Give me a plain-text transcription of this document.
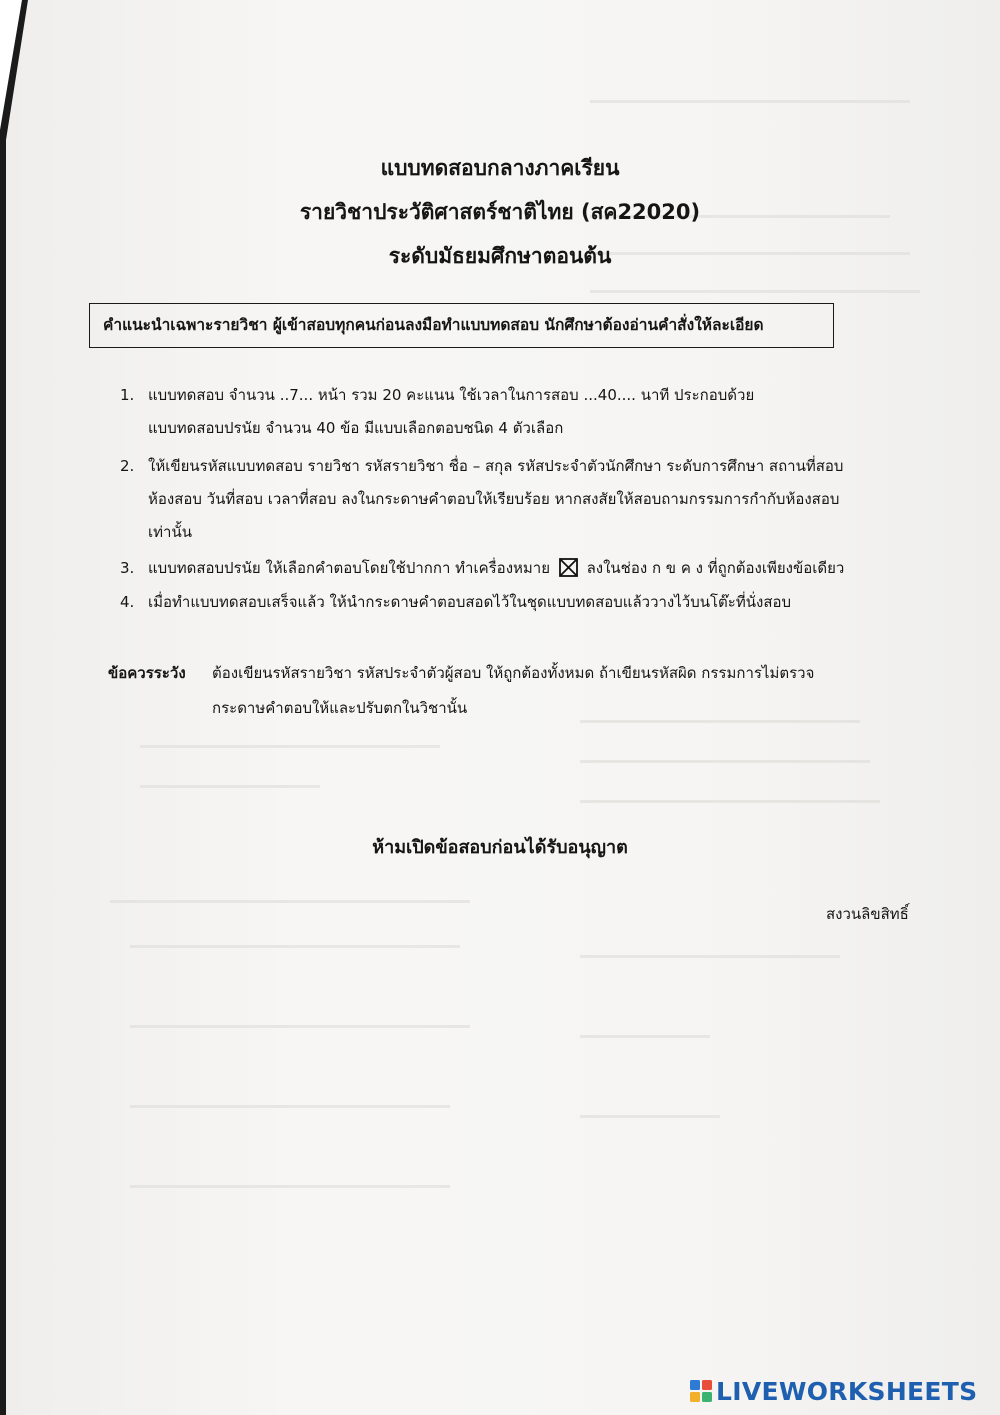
แบบทดสอบกลางภาคเรียน
รายวิชาประวัติศาสตร์ชาติไทย (สค22020)
ระดับมัธยมศึกษาตอนต้น
คำแนะนำเฉพาะรายวิชา ผู้เข้าสอบทุกคนก่อนลงมือทำแบบทดสอบ นักศึกษาต้องอ่านคำสั่งให้ละเอียด
1. แบบทดสอบ จำนวน ..7... หน้า รวม 20 คะแนน ใช้เวลาในการสอบ ...40.... นาที ประกอบด้วย
แบบทดสอบปรนัย จำนวน 40 ข้อ มีแบบเลือกตอบชนิด 4 ตัวเลือก
2. ให้เขียนรหัสแบบทดสอบ รายวิชา รหัสรายวิชา ชื่อ – สกุล รหัสประจำตัวนักศึกษา ระดับการศึกษา สถานที่สอบ
ห้องสอบ วันที่สอบ เวลาที่สอบ ลงในกระดาษคำตอบให้เรียบร้อย หากสงสัยให้สอบถามกรรมการกำกับห้องสอบ
เท่านั้น
3. แบบทดสอบปรนัย ให้เลือกคำตอบโดยใช้ปากกา ทำเครื่องหมาย ☒ ลงในช่อง ก ข ค ง ที่ถูกต้องเพียงข้อเดียว
4. เมื่อทำแบบทดสอบเสร็จแล้ว ให้นำกระดาษคำตอบสอดไว้ในชุดแบบทดสอบแล้ววางไว้บนโต๊ะที่นั่งสอบ
ข้อควรระวัง ต้องเขียนรหัสรายวิชา รหัสประจำตัวผู้สอบ ให้ถูกต้องทั้งหมด ถ้าเขียนรหัสผิด กรรมการไม่ตรวจ
กระดาษคำตอบให้และปรับตกในวิชานั้น
ห้ามเปิดข้อสอบก่อนได้รับอนุญาต
สงวนลิขสิทธิ์
LIVEWORKSHEETS
